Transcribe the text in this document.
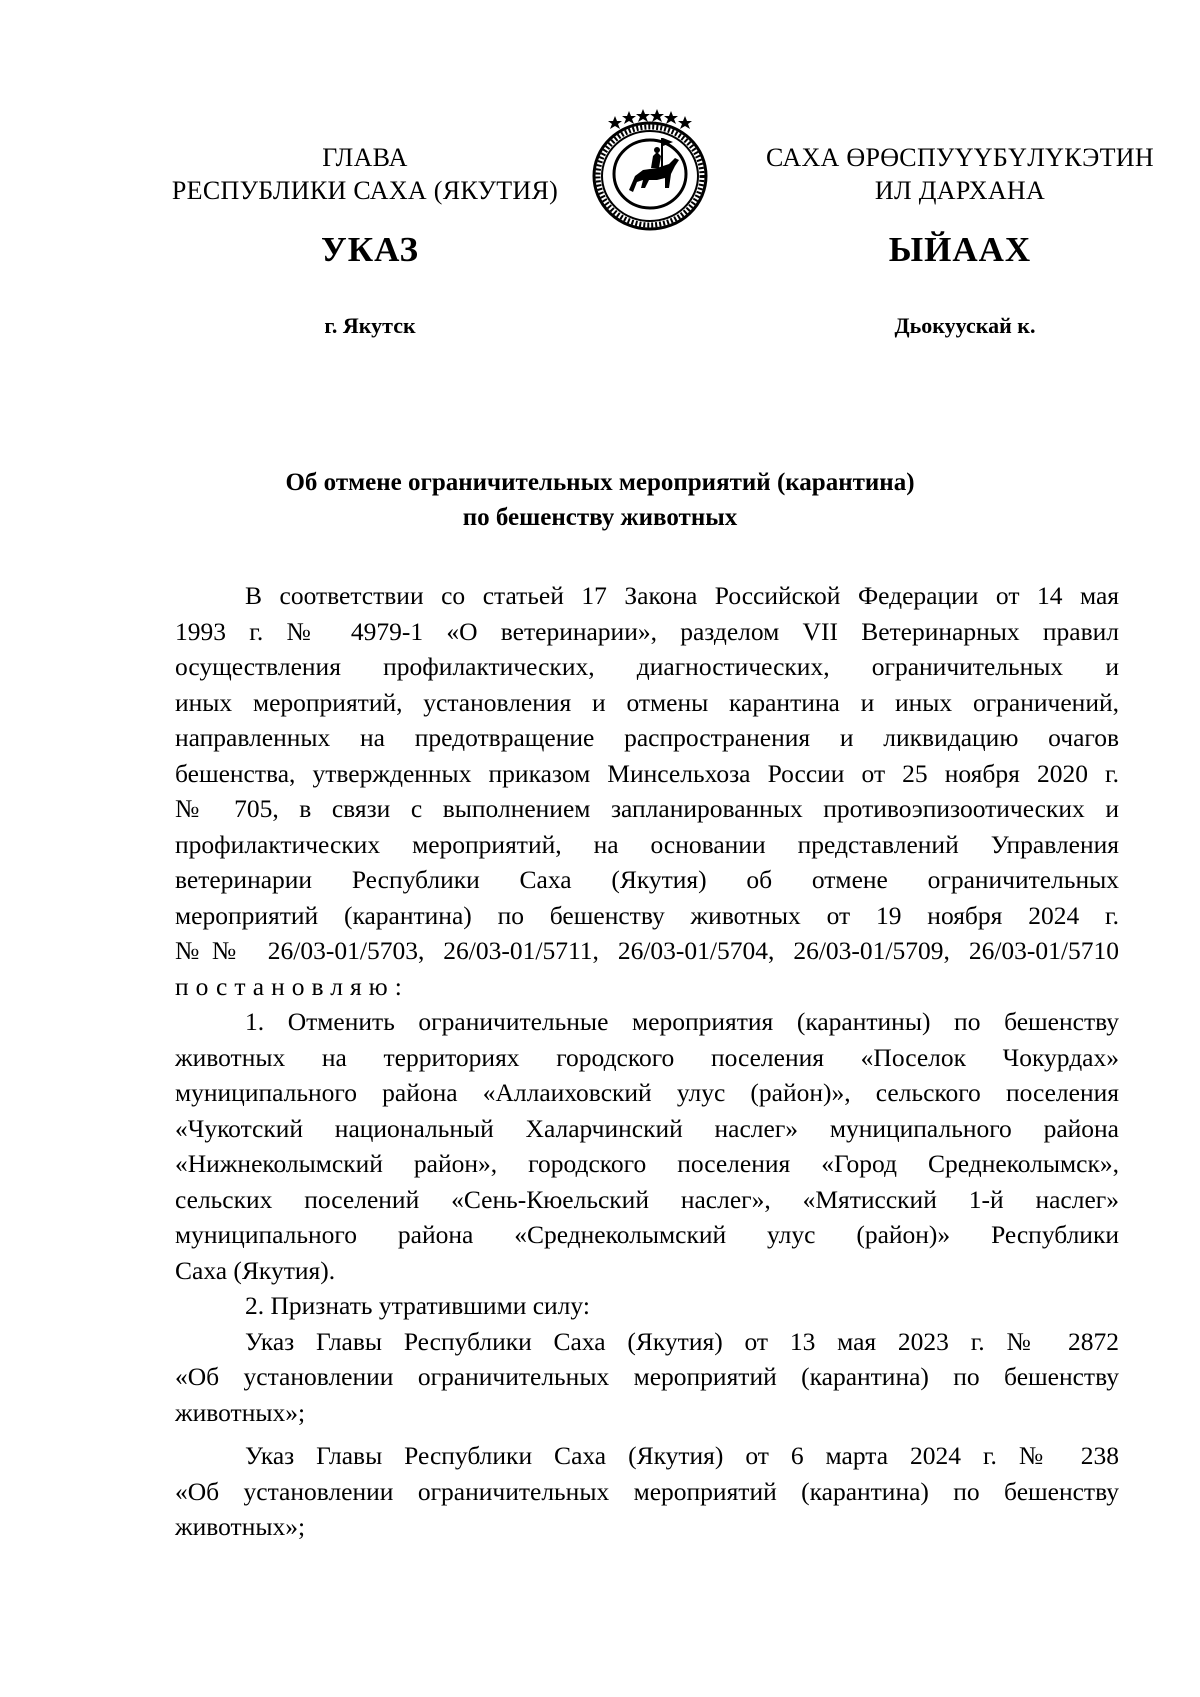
ГЛАВА
РЕСПУБЛИКИ САХА (ЯКУТИЯ)
САХА ӨРӨСПУҮҮБҮЛҮКЭТИН
ИЛ ДАРХАНА
УКАЗ	ЫЙААХ
г. Якутск	Дьокуускай к.
Об отмене ограничительных мероприятий (карантина)
по бешенству животных
В соответствии со статьей 17 Закона Российской Федерации от 14 мая
1993 г. № 4979-1 «О ветеринарии», разделом VII Ветеринарных правил
осуществления профилактических, диагностических, ограничительных и
иных мероприятий, установления и отмены карантина и иных ограничений,
направленных на предотвращение распространения и ликвидацию очагов
бешенства, утвержденных приказом Минсельхоза России от 25 ноября 2020 г.
№ 705, в связи с выполнением запланированных противоэпизоотических и
профилактических мероприятий, на основании представлений Управления
ветеринарии Республики Саха (Якутия) об отмене ограничительных
мероприятий (карантина) по бешенству животных от 19 ноября 2024 г.
№№ 26/03-01/5703, 26/03-01/5711, 26/03-01/5704, 26/03-01/5709, 26/03-01/5710
постановляю:
1. Отменить ограничительные мероприятия (карантины) по бешенству
животных на территориях городского поселения «Поселок Чокурдах»
муниципального района «Аллаиховский улус (район)», сельского поселения
«Чукотский национальный Халарчинский наслег» муниципального района
«Нижнеколымский район», городского поселения «Город Среднеколымск»,
сельских поселений «Сень-Кюельский наслег», «Мятисский 1-й наслег»
муниципального района «Среднеколымский улус (район)» Республики
Саха (Якутия).
2. Признать утратившими силу:
Указ Главы Республики Саха (Якутия) от 13 мая 2023 г. № 2872
«Об установлении ограничительных мероприятий (карантина) по бешенству
животных»;
Указ Главы Республики Саха (Якутия) от 6 марта 2024 г. № 238
«Об установлении ограничительных мероприятий (карантина) по бешенству
животных»;
